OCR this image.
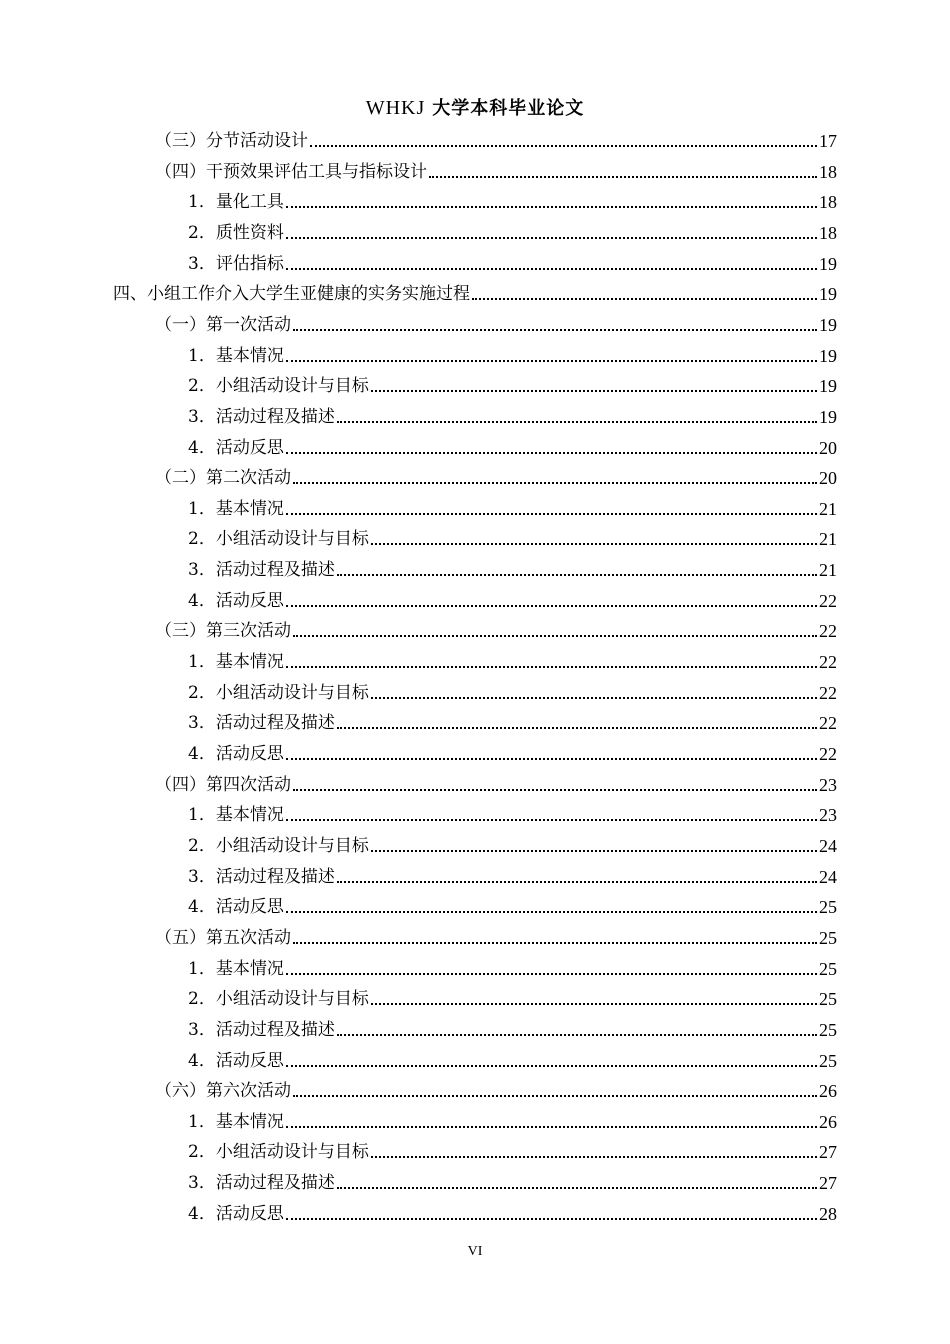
WHKJ 大学本科毕业论文
（三）分节活动设计	17
（四）干预效果评估工具与指标设计	18
1．量化工具	18
2．质性资料	18
3．评估指标	19
四、小组工作介入大学生亚健康的实务实施过程	19
（一）第一次活动	19
1．基本情况	19
2．小组活动设计与目标	19
3．活动过程及描述	19
4．活动反思	20
（二）第二次活动	20
1．基本情况	21
2．小组活动设计与目标	21
3．活动过程及描述	21
4．活动反思	22
（三）第三次活动	22
1．基本情况	22
2．小组活动设计与目标	22
3．活动过程及描述	22
4．活动反思	22
（四）第四次活动	23
1．基本情况	23
2．小组活动设计与目标	24
3．活动过程及描述	24
4．活动反思	25
（五）第五次活动	25
1．基本情况	25
2．小组活动设计与目标	25
3．活动过程及描述	25
4．活动反思	25
（六）第六次活动	26
1．基本情况	26
2．小组活动设计与目标	27
3．活动过程及描述	27
4．活动反思	28
VI
